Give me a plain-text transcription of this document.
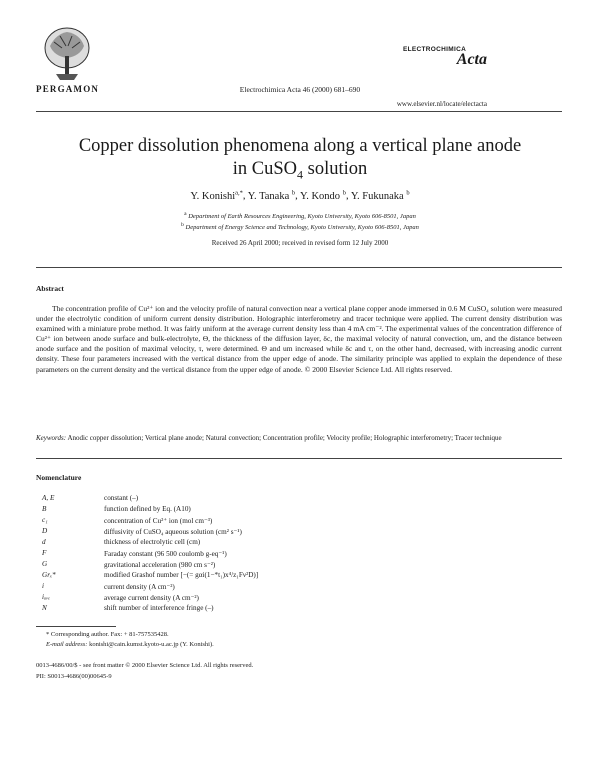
PERGAMON	Electrochimica Acta 46 (2000) 681–690
ELECTROCHIMICA
Acta
www.elsevier.nl/locate/electacta
Copper dissolution phenomena along a vertical plane anode
in CuSO$_4$ solution
Y. Konishi$^{a,*}$, Y. Tanaka $^b$, Y. Kondo $^b$, Y. Fukunaka $^b$
$^a$ Department of Earth Resources Engineering, Kyoto University, Kyoto 606-8501, Japan
$^b$ Department of Energy Science and Technology, Kyoto University, Kyoto 606-8501, Japan
Received 26 April 2000; received in revised form 12 July 2000
Abstract
The concentration profile of Cu²⁺ ion and the velocity profile of natural convection near a vertical plane copper anode immersed in 0.6 M CuSO₄ solution were measured under the electrolytic condition of uniform current density distribution. Holographic interferometry and tracer technique were applied. The current density distribution was examined with a miniature probe method. It was fairly uniform at the average current density less than 4 mA cm⁻². The experimental values of the concentration difference of Cu²⁺ ion between anode surface and bulk-electrolyte, Θ, the thickness of the diffusion layer, δc, the maximal velocity of natural convection, um, and the distance between anode surface and the position of maximal velocity, τ, were determined. Θ and um increased while δc and τ, on the other hand, decreased, with increasing anodic current density. These four parameters increased with the vertical distance from the upper edge of anode. The similarity principle was applied to explain the dependence of these parameters on the current density and the vertical distance from the upper edge of anode. © 2000 Elsevier Science Ltd. All rights reserved.
Keywords: Anodic copper dissolution; Vertical plane anode; Natural convection; Concentration profile; Velocity profile; Holographic interferometry; Tracer technique
Nomenclature
A, E	constant (–)
B	function defined by Eq. (A10)
c₁	concentration of Cu²⁺ ion (mol cm⁻³)
D	diffusivity of CuSO₄ aqueous solution (cm² s⁻¹)
d	thickness of electrolytic cell (cm)
F	Faraday constant (96 500 coulomb g-eq⁻¹)
G	gravitational acceleration (980 cm s⁻²)
Grₓ*	modified Grashof number [−(= gαi(1−*t₁)x⁴/z₁Fν²D)]
i	current density (A cm⁻²)
iₐᵥₑ	average current density (A cm⁻²)
N	shift number of interference fringe (–)
* Corresponding author. Fax: + 81-757535428.
E-mail address: konishi@cain.kumst.kyoto-u.ac.jp (Y. Konishi).
0013-4686/00/$ - see front matter © 2000 Elsevier Science Ltd. All rights reserved.
PII: S0013-4686(00)00645-9
